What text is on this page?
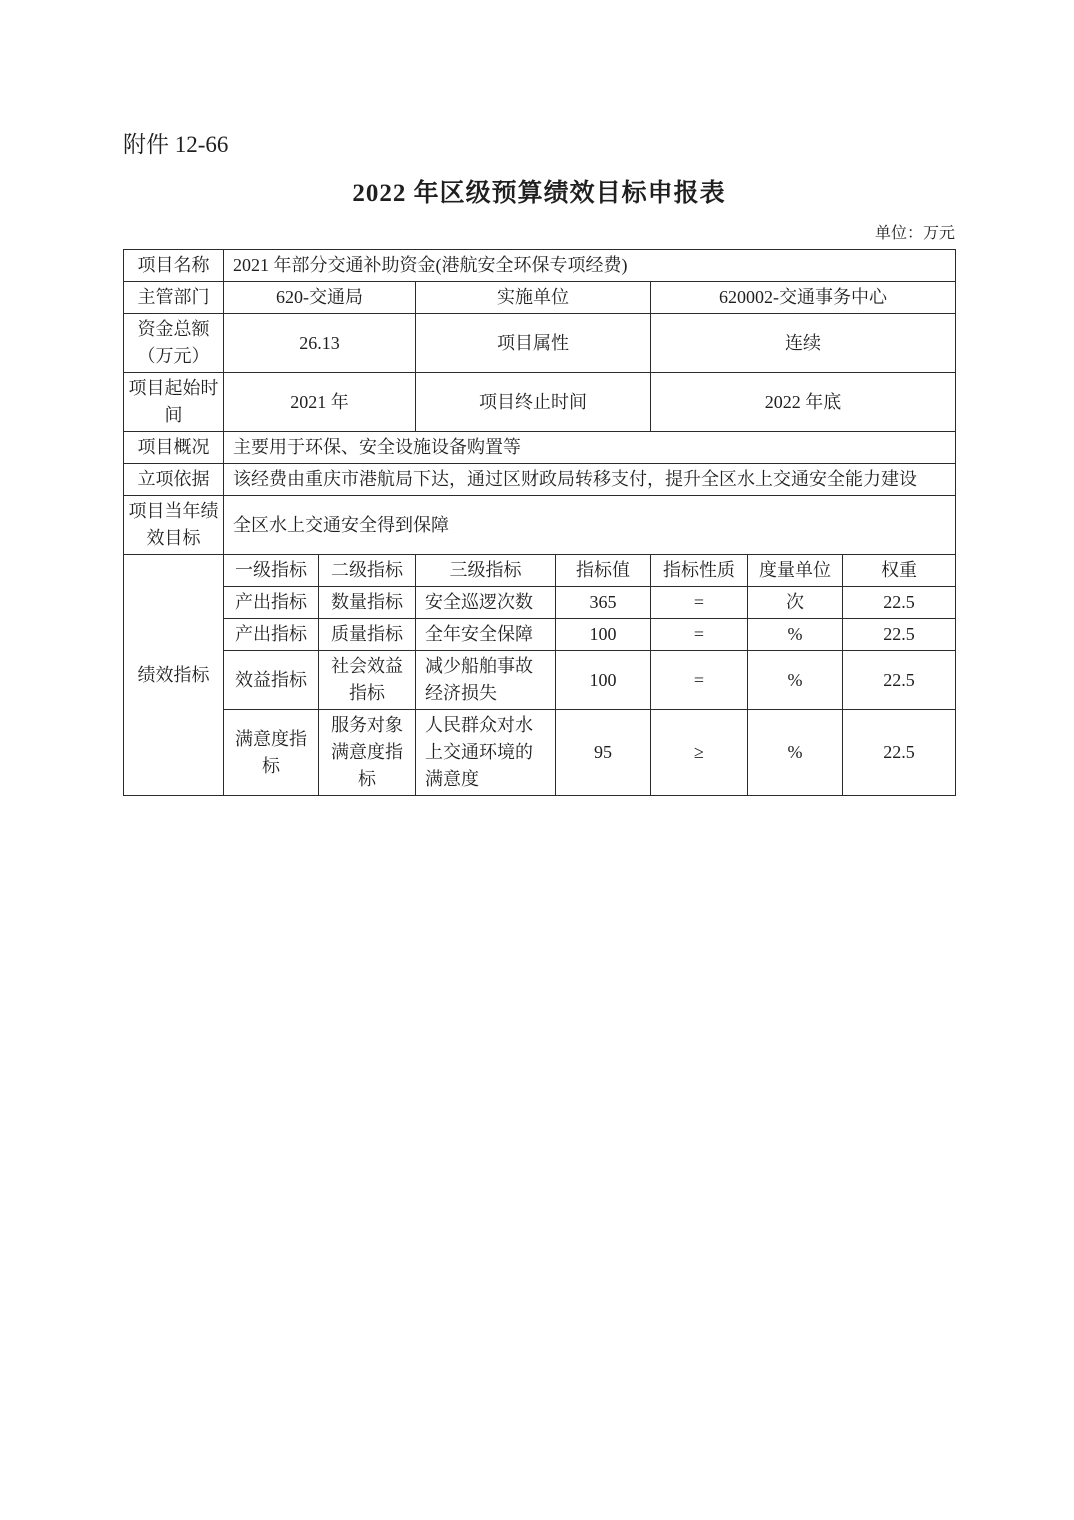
附件 12-66
2022 年区级预算绩效目标申报表
单位：万元
项目名称	2021 年部分交通补助资金(港航安全环保专项经费)						
主管部门	620-交通局		实施单位		620002-交通事务中心		
资金总额（万元）	26.13		项目属性		连续		
项目起始时间	2021 年		项目终止时间		2022 年底		
项目概况	主要用于环保、安全设施设备购置等						
立项依据	该经费由重庆市港航局下达，通过区财政局转移支付，提升全区水上交通安全能力建设						
项目当年绩效目标	全区水上交通安全得到保障						
绩效指标	一级指标	二级指标	三级指标	指标值	指标性质	度量单位	权重
	产出指标	数量指标	安全巡逻次数	365	=	次	22.5
	产出指标	质量指标	全年安全保障	100	=	%	22.5
	效益指标	社会效益指标	减少船舶事故经济损失	100	=	%	22.5
	满意度指标	服务对象满意度指标	人民群众对水上交通环境的满意度	95	≥	%	22.5
